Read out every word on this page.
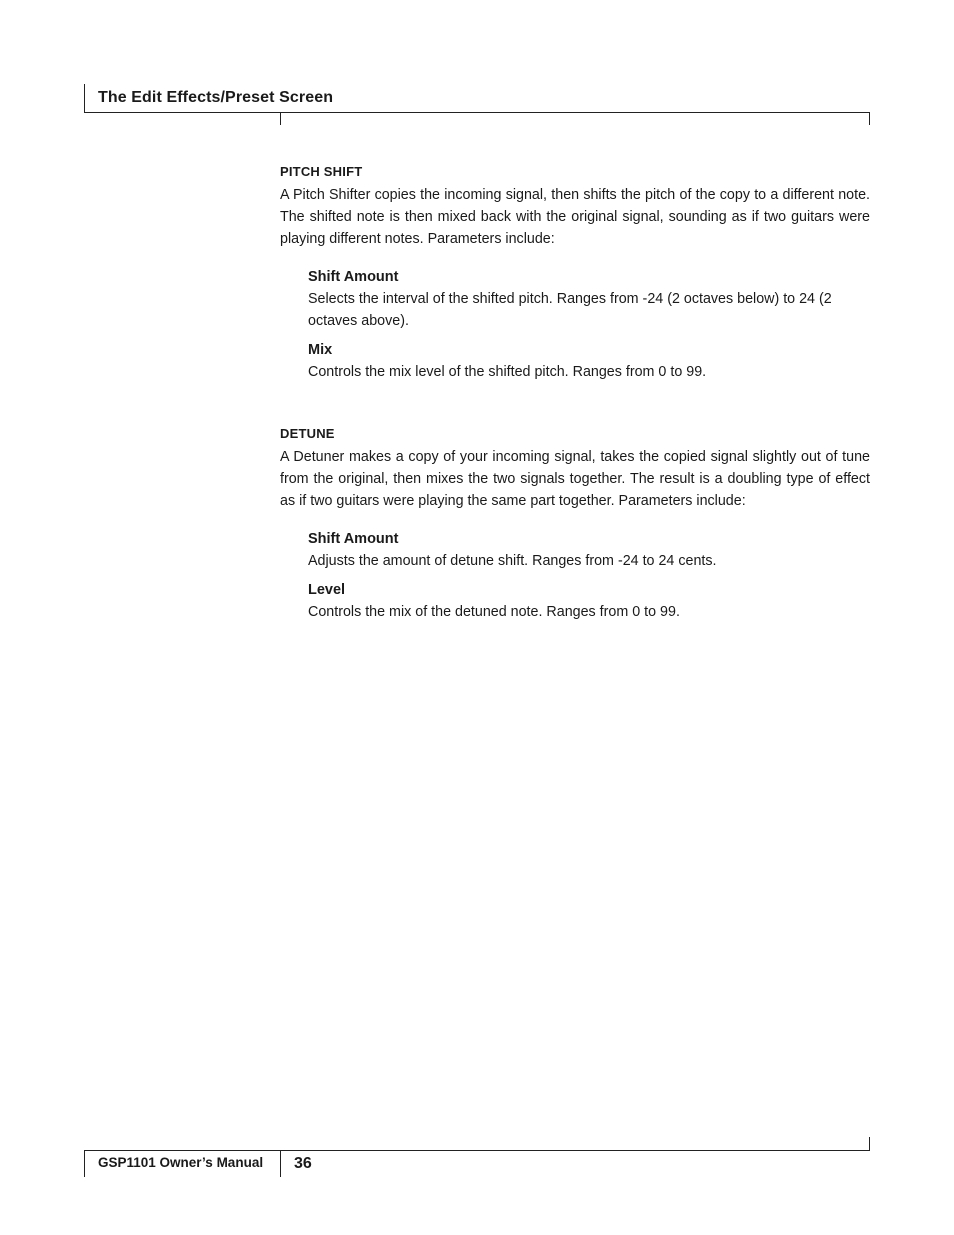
The Edit Effects/Preset Screen
PITCH SHIFT

A Pitch Shifter copies the incoming signal, then shifts the pitch of the copy to a different note. The shifted note is then mixed back with the original signal, sounding as if two guitars were playing different notes. Parameters include:

Shift Amount

Selects the interval of the shifted pitch. Ranges from -24 (2 octaves below) to 24 (2 octaves above).

Mix

Controls the mix level of the shifted pitch. Ranges from 0 to 99.

DETUNE

A Detuner makes a copy of your incoming signal, takes the copied signal slightly out of tune from the original, then mixes the two signals together. The result is a doubling type of effect as if two guitars were playing the same part together. Parameters include:

Shift Amount

Adjusts the amount of detune shift. Ranges from -24 to 24 cents.

Level

Controls the mix of the detuned note. Ranges from 0 to 99.

GSP1101 Owner’s Manual 36
